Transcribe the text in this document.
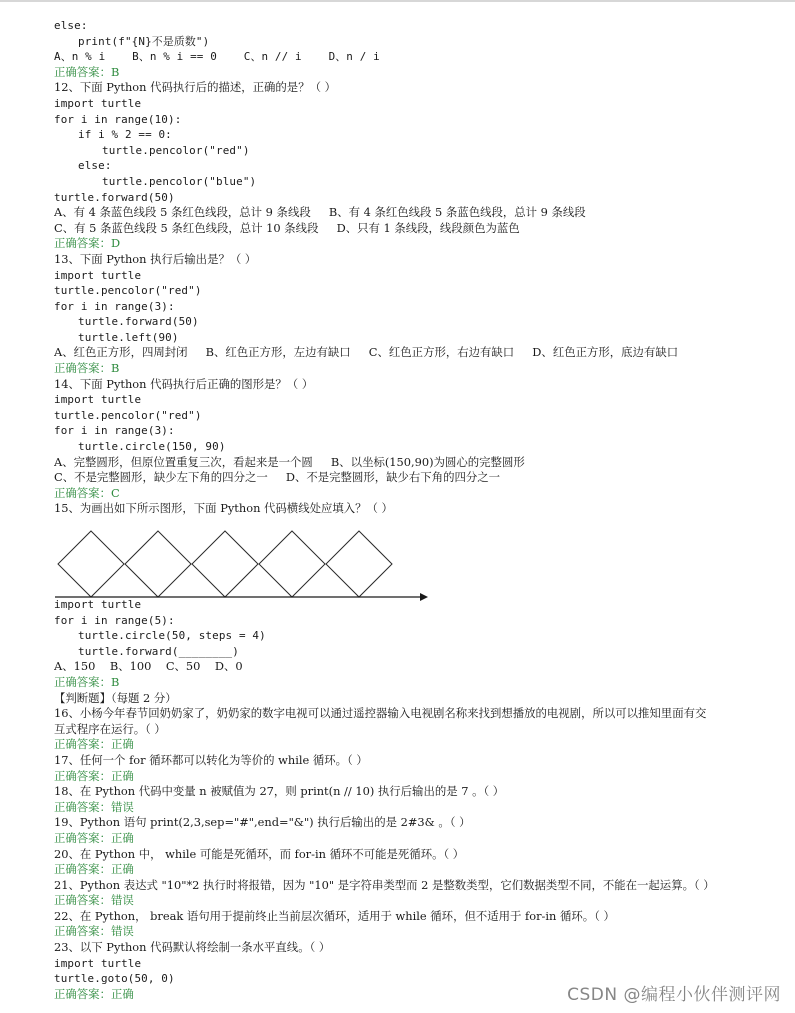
else:
print(f"{N}不是质数")
A、n % i    B、n % i == 0    C、n // i    D、n / i
正确答案：B
12、下面 Python 代码执行后的描述，正确的是？（ ）
import turtle
for i in range(10):
if i % 2 == 0:
turtle.pencolor("red")
else:
turtle.pencolor("blue")
turtle.forward(50)
A、有 4 条蓝色线段 5 条红色线段，总计 9 条线段     B、有 4 条红色线段 5 条蓝色线段，总计 9 条线段
C、有 5 条蓝色线段 5 条红色线段，总计 10 条线段     D、只有 1 条线段，线段颜色为蓝色
正确答案：D
13、下面 Python 执行后输出是？（ ）
import turtle
turtle.pencolor("red")
for i in range(3):
turtle.forward(50)
turtle.left(90)
A、红色正方形，四周封闭     B、红色正方形，左边有缺口     C、红色正方形，右边有缺口     D、红色正方形，底边有缺口
正确答案：B
14、下面 Python 代码执行后正确的图形是？（ ）
import turtle
turtle.pencolor("red")
for i in range(3):
turtle.circle(150, 90)
A、完整圆形，但原位置重复三次，看起来是一个圆     B、以坐标(150,90)为圆心的完整圆形
C、不是完整圆形，缺少左下角的四分之一     D、不是完整圆形，缺少右下角的四分之一
正确答案：C
15、为画出如下所示图形，下面 Python 代码横线处应填入？（ ）
import turtle
for i in range(5):
turtle.circle(50, steps = 4)
turtle.forward(________)
A、150    B、100    C、50    D、0
正确答案：B
【判断题】（每题 2 分）
16、小杨今年春节回奶奶家了，奶奶家的数字电视可以通过遥控器输入电视剧名称来找到想播放的电视剧，所以可以推知里面有交
互式程序在运行。（ ）
正确答案：正确
17、任何一个 for 循环都可以转化为等价的 while 循环。（ ）
正确答案：正确
18、在 Python 代码中变量 n 被赋值为 27，则 print(n // 10) 执行后输出的是 7 。（ ）
正确答案：错误
19、Python 语句 print(2,3,sep="#",end="&") 执行后输出的是 2#3& 。（ ）
正确答案：正确
20、在 Python 中， while 可能是死循环，而 for-in 循环不可能是死循环。（ ）
正确答案：正确
21、Python 表达式 "10"*2 执行时将报错，因为 "10" 是字符串类型而 2 是整数类型，它们数据类型不同，不能在一起运算。（ ）
正确答案：错误
22、在 Python， break 语句用于提前终止当前层次循环，适用于 while 循环，但不适用于 for-in 循环。（ ）
正确答案：错误
23、以下 Python 代码默认将绘制一条水平直线。（ ）
import turtle
turtle.goto(50, 0)
正确答案：正确	CSDN @编程小伙伴测评网
